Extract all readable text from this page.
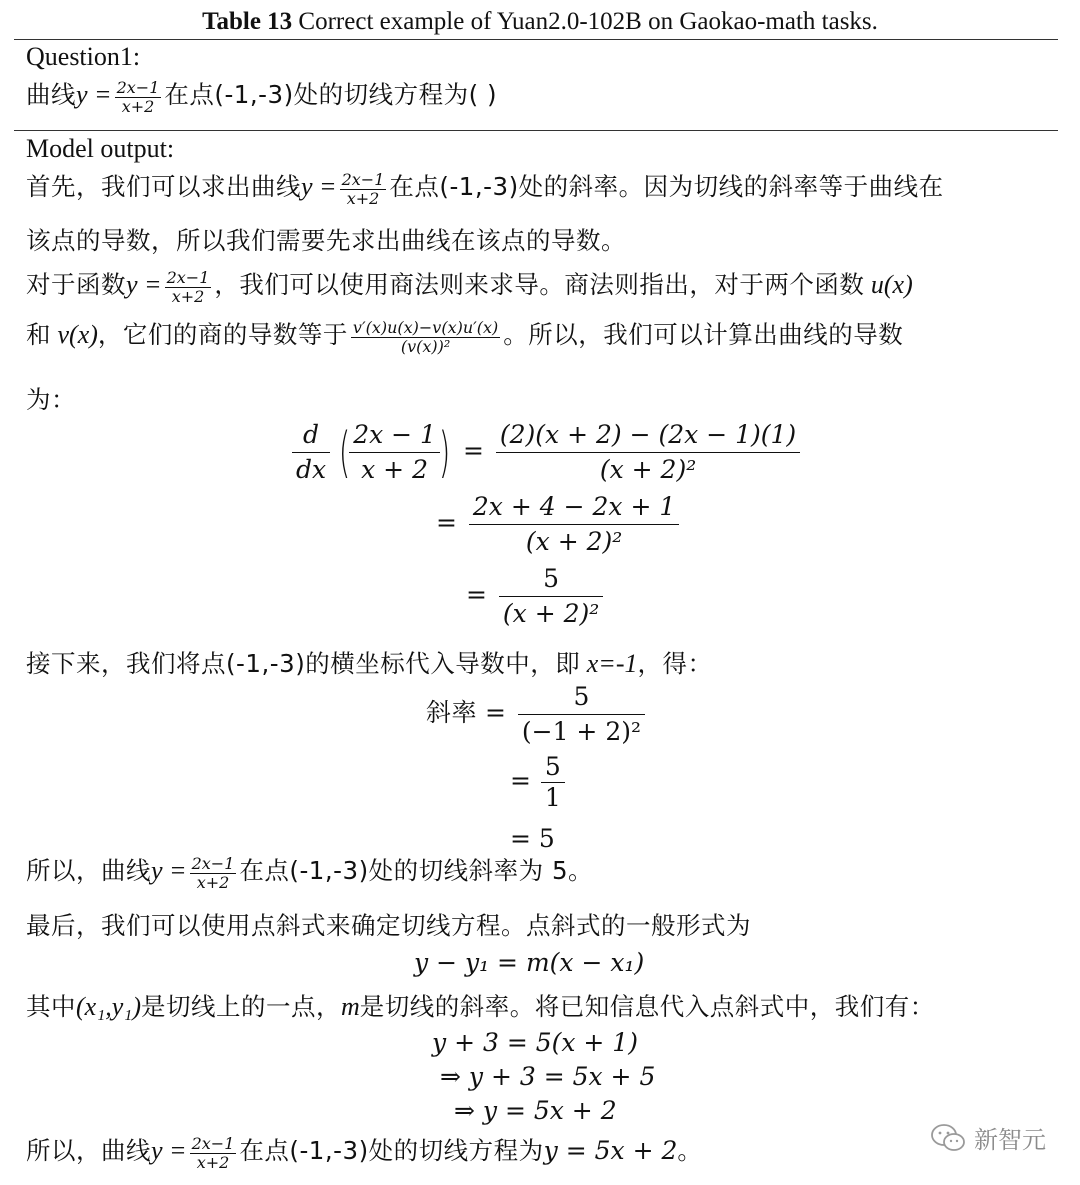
Table 13 Correct example of Yuan2.0-102B on Gaokao-math tasks.
Question1:
曲线$y = \frac{2x-1}{x+2}$ 在点(-1,-3)处的切线方程为( )
Model output:
首先，我们可以求出曲线$y = \frac{2x-1}{x+2}$ 在点(-1,-3)处的斜率。因为切线的斜率等于曲线在
该点的导数，所以我们需要先求出曲线在该点的导数。
对于函数$y = \frac{2x-1}{x+2}$ ，我们可以使用商法则来求导。商法则指出，对于两个函数 u(x)
和 v(x)，它们的商的导数等于 $\frac{v'(x)u(x)-v(x)u'(x)}{\text{(v(x))²}}$ 。所以，我们可以计算出曲线的导数
为：
$\frac{d}{dx}$ (
$\frac{2x - 1}{x + 2}$
) = $\frac{(2)(x + 2) - (2x - 1)(1)}{\text{(x + 2)²}}$
= $\frac{2x + 4 - 2x + 1}{\text{(x + 2)²}}$
= $\frac{5}{\text{(x + 2)²}}$
接下来，我们将点(-1,-3)的横坐标代入导数中，即 x=-1，得：
斜率 = $\frac{5}{\text{(−1 + 2)²}}$
= $\frac{5}{1}$
= 5
所以，曲线$y = \frac{2x-1}{x+2}$ 在点(-1,-3)处的切线斜率为 5。
最后，我们可以使用点斜式来确定切线方程。点斜式的一般形式为
y − y₁ = m(x − x₁)
其中(x₁,y₁)是切线上的一点，m是切线的斜率。将已知信息代入点斜式中，我们有：
y + 3 = 5(x + 1)
⇒ y + 3 = 5x + 5
⇒ y = 5x + 2
所以，曲线$y = \frac{2x-1}{x+2}$ 在点(-1,-3)处的切线方程为y = 5x + 2。	新智元
